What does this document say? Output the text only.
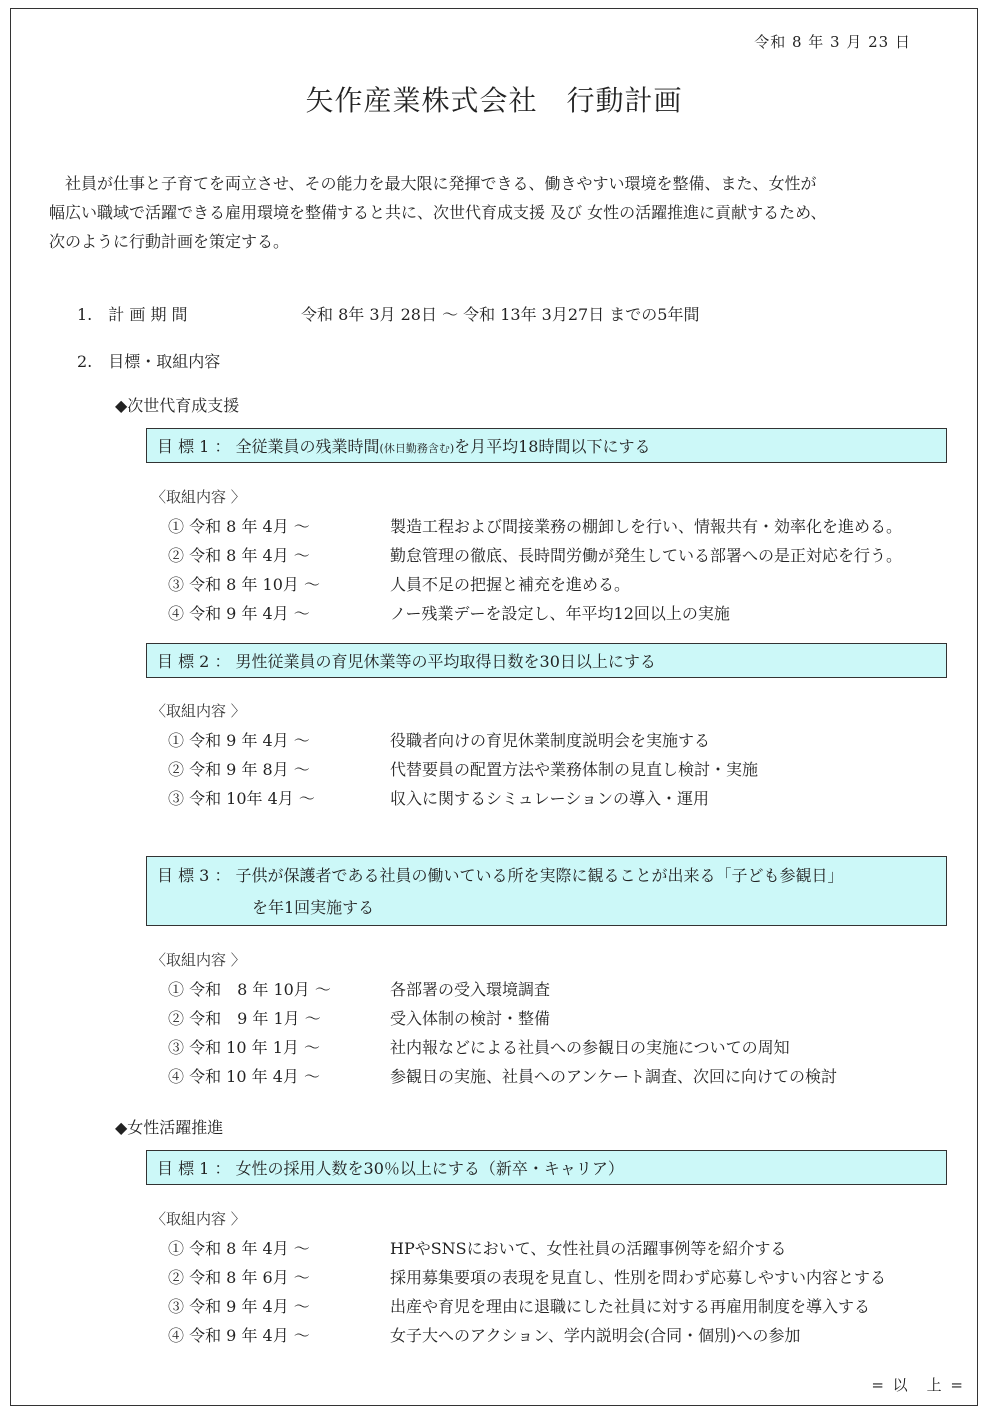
令和 8 年 3 月 23 日
矢作産業株式会社　行動計画

　社員が仕事と子育てを両立させ、その能力を最大限に発揮できる、働きやすい環境を整備、また、女性が

幅広い職域で活躍できる雇用環境を整備すると共に、次世代育成支援 及び 女性の活躍推進に貢献するため、

次のように行動計画を策定する。

1.　計 画 期 間	令和 8年 3月 28日 ～ 令和 13年 3月27日 までの5年間
2.　目標・取組内容
◆次世代育成支援
目 標 1 ： 全従業員の残業時間(休日勤務含む)を月平均18時間以下にする
〈取組内容 〉
① 令和 8 年 4月 ～	製造工程および間接業務の棚卸しを行い、情報共有・効率化を進める。
② 令和 8 年 4月 ～	勤怠管理の徹底、長時間労働が発生している部署への是正対応を行う。
③ 令和 8 年 10月 ～	人員不足の把握と補充を進める。
④ 令和 9 年 4月 ～	ノー残業デーを設定し、年平均12回以上の実施
目 標 2 ： 男性従業員の育児休業等の平均取得日数を30日以上にする
〈取組内容 〉
① 令和 9 年 4月 ～	役職者向けの育児休業制度説明会を実施する
② 令和 9 年 8月 ～	代替要員の配置方法や業務体制の見直し検討・実施
③ 令和 10年 4月 ～	収入に関するシミュレーションの導入・運用
目 標 3 ： 子供が保護者である社員の働いている所を実際に観ることが出来る「子ども参観日」
を年1回実施する
〈取組内容 〉
① 令和　8 年 10月 ～	各部署の受入環境調査
② 令和　9 年 1月 ～	受入体制の検討・整備
③ 令和 10 年 1月 ～	社内報などによる社員への参観日の実施についての周知
④ 令和 10 年 4月 ～	参観日の実施、社員へのアンケート調査、次回に向けての検討
◆女性活躍推進
目 標 1 ： 女性の採用人数を30％以上にする（新卒・キャリア）
〈取組内容 〉
① 令和 8 年 4月 ～	HPやSNSにおいて、女性社員の活躍事例等を紹介する
② 令和 8 年 6月 ～	採用募集要項の表現を見直し、性別を問わず応募しやすい内容とする
③ 令和 9 年 4月 ～	出産や育児を理由に退職にした社員に対する再雇用制度を導入する
④ 令和 9 年 4月 ～	女子大へのアクション、学内説明会(合同・個別)への参加
= 以　上 =
